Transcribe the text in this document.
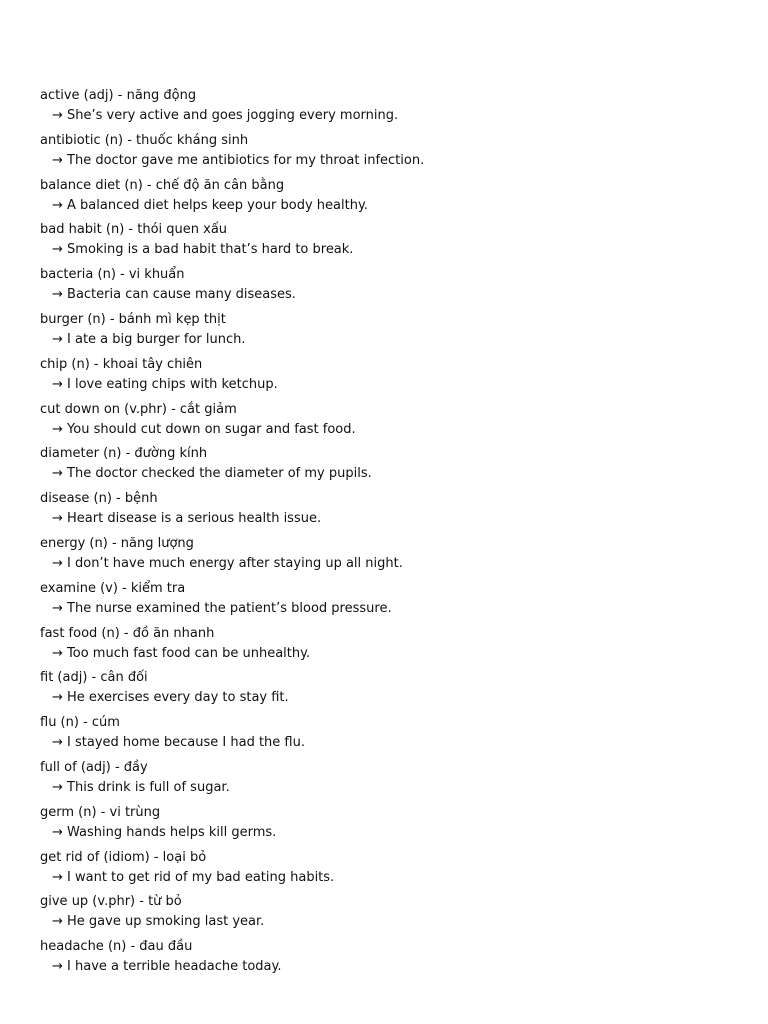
active (adj) - năng động
→ She’s very active and goes jogging every morning.
antibiotic (n) - thuốc kháng sinh
→ The doctor gave me antibiotics for my throat infection.
balance diet (n) - chế độ ăn cân bằng
→ A balanced diet helps keep your body healthy.
bad habit (n) - thói quen xấu
→ Smoking is a bad habit that’s hard to break.
bacteria (n) - vi khuẩn
→ Bacteria can cause many diseases.
burger (n) - bánh mì kẹp thịt
→ I ate a big burger for lunch.
chip (n) - khoai tây chiên
→ I love eating chips with ketchup.
cut down on (v.phr) - cắt giảm
→ You should cut down on sugar and fast food.
diameter (n) - đường kính
→ The doctor checked the diameter of my pupils.
disease (n) - bệnh
→ Heart disease is a serious health issue.
energy (n) - năng lượng
→ I don’t have much energy after staying up all night.
examine (v) - kiểm tra
→ The nurse examined the patient’s blood pressure.
fast food (n) - đồ ăn nhanh
→ Too much fast food can be unhealthy.
fit (adj) - cân đối
→ He exercises every day to stay fit.
flu (n) - cúm
→ I stayed home because I had the flu.
full of (adj) - đầy
→ This drink is full of sugar.
germ (n) - vi trùng
→ Washing hands helps kill germs.
get rid of (idiom) - loại bỏ
→ I want to get rid of my bad eating habits.
give up (v.phr) - từ bỏ
→ He gave up smoking last year.
headache (n) - đau đầu
→ I have a terrible headache today.
